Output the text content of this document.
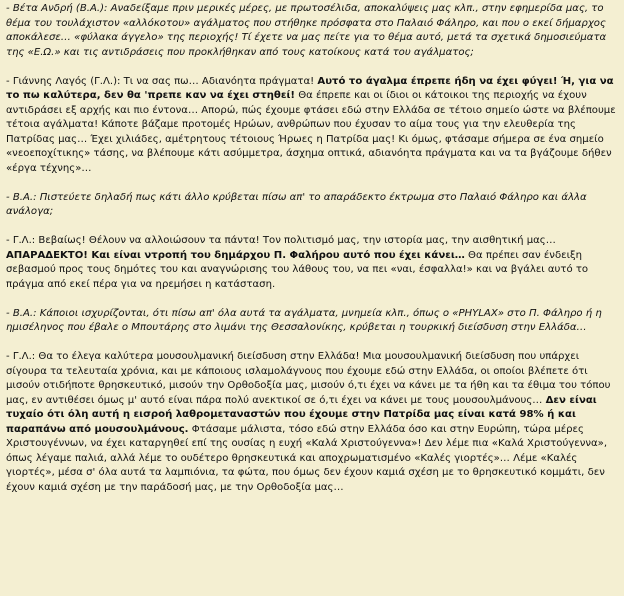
- Βέτα Ανδρή (Β.Α.): Αναδείξαμε πριν μερικές μέρες, με πρωτοσέλιδα, αποκαλύψεις μας κλπ., στην εφημερίδα μας, το θέμα του τουλάχιστον «αλλόκοτου» αγάλματος που στήθηκε πρόσφατα στο Παλαιό Φάληρο, και που ο εκεί δήμαρχος αποκάλεσε… «φύλακα άγγελο» της περιοχής! Τί έχετε να μας πείτε για το θέμα αυτό, μετά τα σχετικά δημοσιεύματα της «Ε.Ω.» και τις αντιδράσεις που προκλήθηκαν από τους κατοίκους κατά του αγάλματος;

- Γιάννης Λαγός (Γ.Λ.): Τι να σας πω… Αδιανόητα πράγματα! Αυτό το άγαλμα έπρεπε ήδη να έχει φύγει! Ή, για να το πω καλύτερα, δεν θα 'πρεπε καν να έχει στηθεί! Θα έπρεπε και οι ίδιοι οι κάτοικοι της περιοχής να έχουν αντιδράσει εξ αρχής και πιο έντονα… Απορώ, πώς έχουμε φτάσει εδώ στην Ελλάδα σε τέτοιο σημείο ώστε να βλέπουμε τέτοια αγάλματα! Κάποτε βάζαμε προτομές Ηρώων, ανθρώπων που έχυσαν το αίμα τους για την ελευθερία της Πατρίδας μας… Έχει χιλιάδες, αμέτρητους τέτοιους Ήρωες η Πατρίδα μας! Κι όμως, φτάσαμε σήμερα σε ένα σημείο «νεοεποχίτικης» τάσης, να βλέπουμε κάτι ασύμμετρα, άσχημα οπτικά, αδιανόητα πράγματα και να τα βγάζουμε δήθεν «έργα τέχνης»…

- Β.Α.: Πιστεύετε δηλαδή πως κάτι άλλο κρύβεται πίσω απ' το απαράδεκτο έκτρωμα στο Παλαιό Φάληρο και άλλα ανάλογα;

- Γ.Λ.: Βεβαίως! Θέλουν να αλλοιώσουν τα πάντα! Τον πολιτισμό μας, την ιστορία μας, την αισθητική μας… ΑΠΑΡΑΔΕΚΤΟ! Και είναι ντροπή του δημάρχου Π. Φαλήρου αυτό που έχει κάνει… Θα πρέπει σαν ένδειξη σεβασμού προς τους δημότες του και αναγνώρισης του λάθους του, να πει «ναι, έσφαλλα!» και να βγάλει αυτό το πράγμα από εκεί πέρα για να ηρεμήσει η κατάσταση.

- Β.Α.: Κάποιοι ισχυρίζονται, ότι πίσω απ' όλα αυτά τα αγάλματα, μνημεία κλπ., όπως ο «PHYLAX» στο Π. Φάληρο ή η ημισέληνος που έβαλε ο Μπουτάρης στο λιμάνι της Θεσσαλονίκης, κρύβεται η τουρκική διείσδυση στην Ελλάδα…

- Γ.Λ.: Θα το έλεγα καλύτερα μουσουλμανική διείσδυση στην Ελλάδα! Μια μουσουλμανική διείσδυση που υπάρχει σίγουρα τα τελευταία χρόνια, και με κάποιους ισλαμολάγνους που έχουμε εδώ στην Ελλάδα, οι οποίοι βλέπετε ότι μισούν οτιδήποτε θρησκευτικό, μισούν την Ορθοδοξία μας, μισούν ό,τι έχει να κάνει με τα ήθη και τα έθιμα του τόπου μας, εν αντιθέσει όμως μ' αυτό είναι πάρα πολύ ανεκτικοί σε ό,τι έχει να κάνει με τους μουσουλμάνους… Δεν είναι τυχαίο ότι όλη αυτή η εισροή λαθρομεταναστών που έχουμε στην Πατρίδα μας είναι κατά 98% ή και παραπάνω από μουσουλμάνους. Φτάσαμε μάλιστα, τόσο εδώ στην Ελλάδα όσο και στην Ευρώπη, τώρα μέρες Χριστουγέννων, να έχει καταργηθεί επί της ουσίας η ευχή «Καλά Χριστούγεννα»! Δεν λέμε πια «Καλά Χριστούγεννα», όπως λέγαμε παλιά, αλλά λέμε το ουδέτερο θρησκευτικά και αποχρωματισμένο «Καλές γιορτές»… Λέμε «Καλές γιορτές», μέσα σ' όλα αυτά τα λαμπιόνια, τα φώτα, που όμως δεν έχουν καμιά σχέση με το θρησκευτικό κομμάτι, δεν έχουν καμιά σχέση με την παράδοσή μας, με την Ορθοδοξία μας…
